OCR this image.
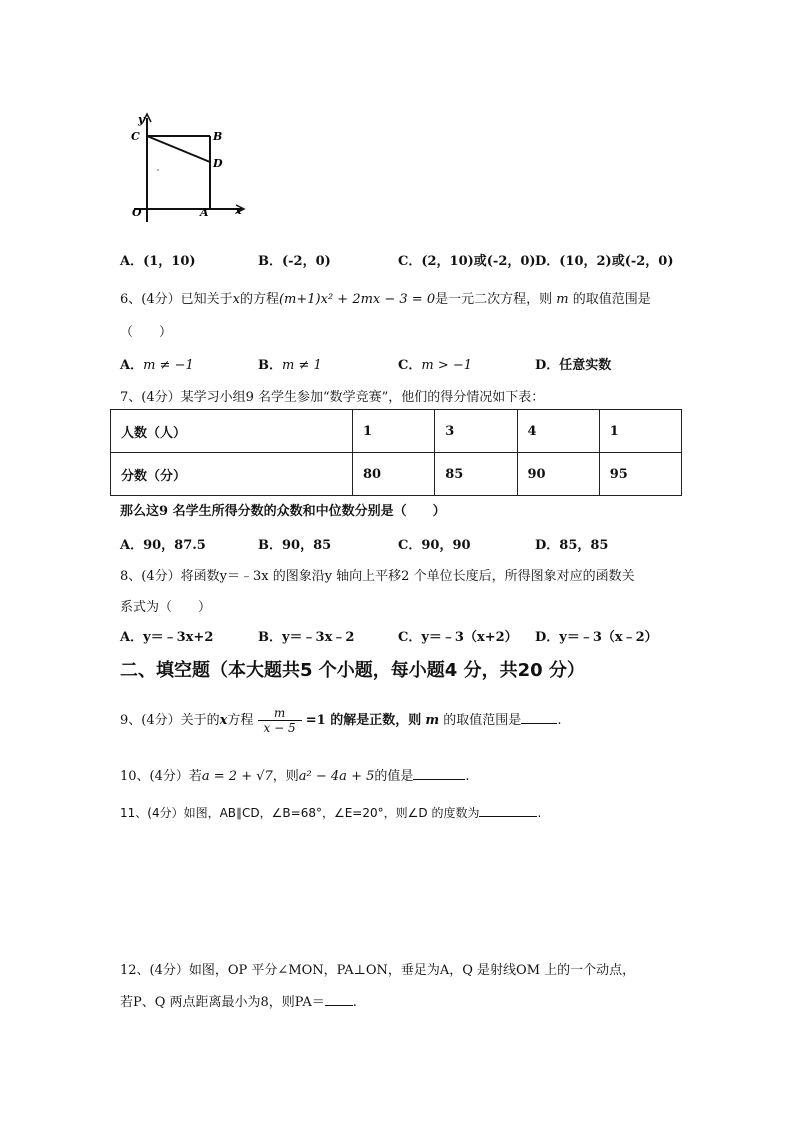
y
C	B
D
O	A x
A．(1，10)	B．(-2，0)	C．(2，10)或(-2，0) D．(10，2)或(-2，0)
6、(4分）已知关于x的方程(m+1)x² + 2mx − 3 = 0是一元二次方程，则 m 的取值范围是
（　　）
A．m ≠ −1	B．m ≠ 1	C．m > −1	D．任意实数
7、(4分）某学习小组9 名学生参加“数学竞赛”，他们的得分情况如下表：
人数（人）	1	3	4	1
分数（分）	80	85	90	95
那么这9 名学生所得分数的众数和中位数分别是（　　）
A．90，87.5	B．90，85	C．90，90	D．85，85
8、(4分）将函数y＝﹣3x 的图象沿y 轴向上平移2 个单位长度后，所得图象对应的函数关
系式为（　　）
A．y＝﹣3x+2	B．y＝﹣3x﹣2	C．y＝﹣3（x+2） D．y＝﹣3（x﹣2）
二、填空题（本大题共5 个小题，每小题4 分，共20 分）
9、(4分）关于的x方程 $\frac{m}{x - 5} =1$ 的解是正数，则 m 的取值范围是	.
10、(4分）若a = 2 + √7，则a² − 4a + 5的值是	.
11、(4分）如图，AB∥CD，∠B=68°，∠E=20°，则∠D 的度数为	.
12、(4分）如图，OP 平分∠MON，PA⊥ON，垂足为A，Q 是射线OM 上的一个动点，
若P、Q 两点距离最小为8，则PA＝ .
